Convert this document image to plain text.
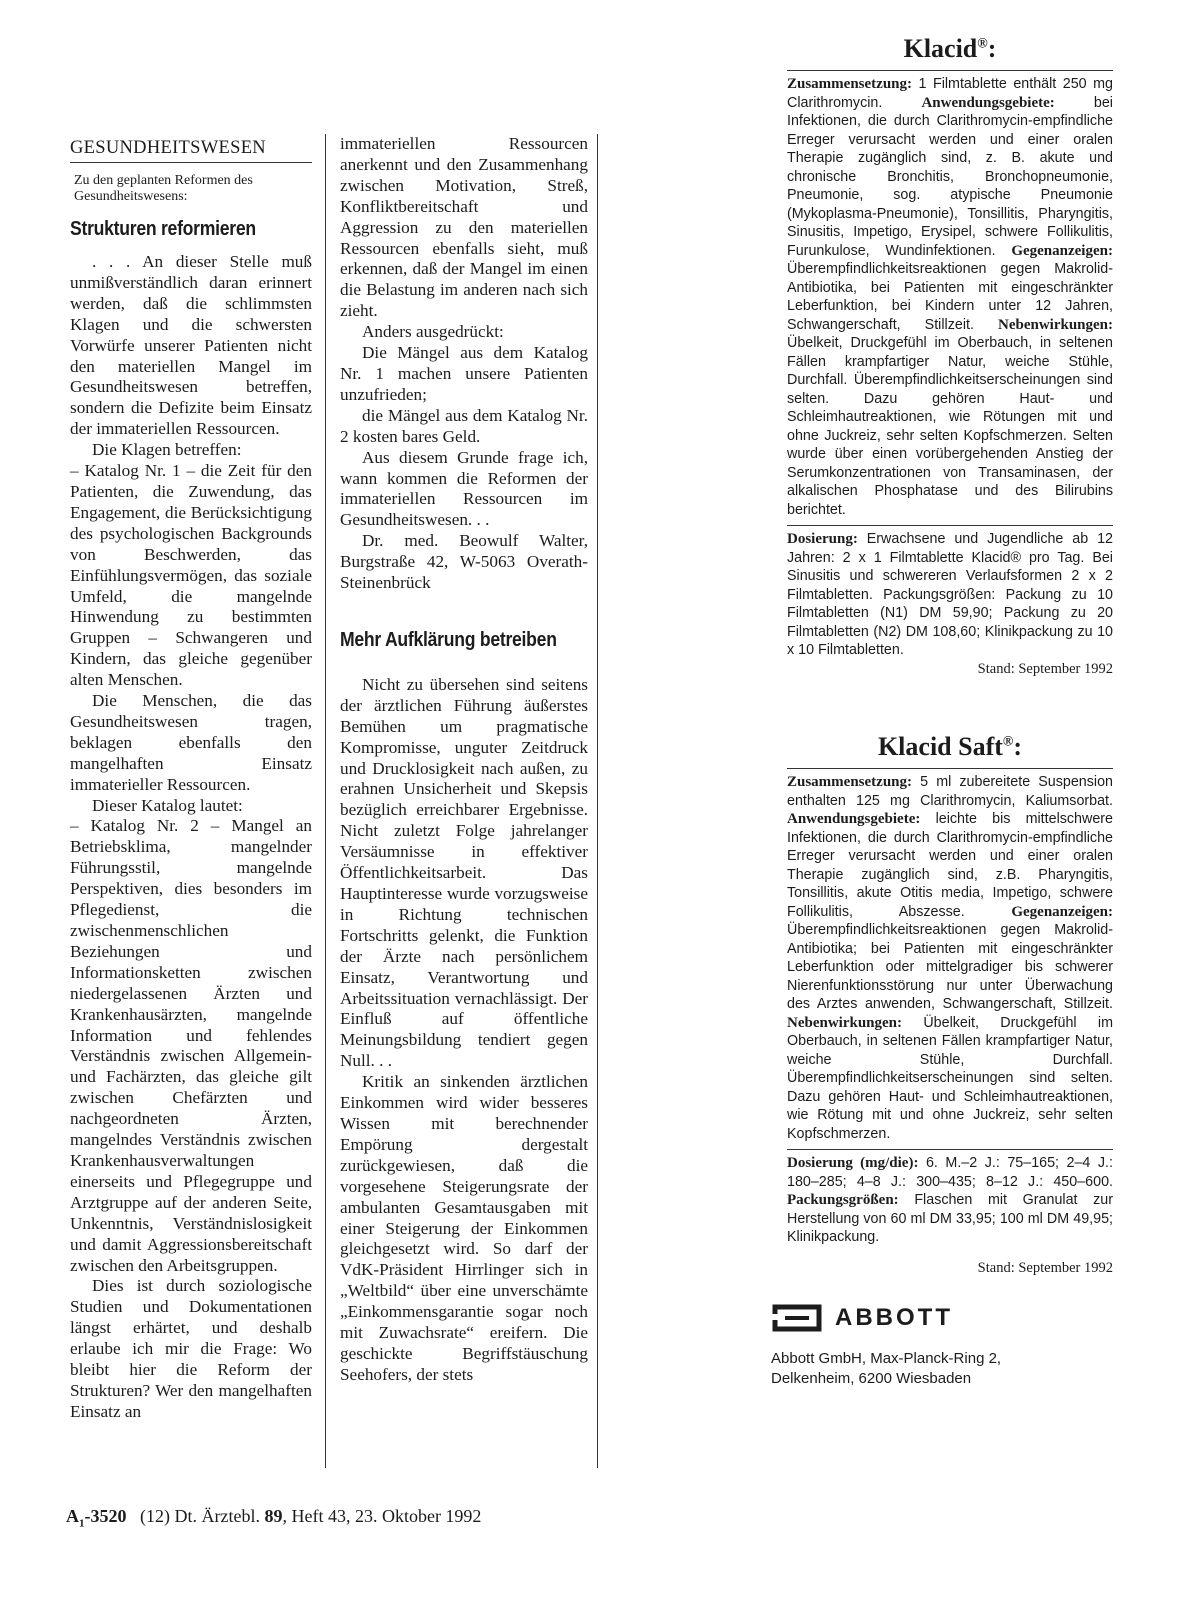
GESUNDHEITSWESEN
Zu den geplanten Reformen des Gesundheitswesens:
Strukturen reformieren

. . . An dieser Stelle muß unmißverständlich daran erinnert werden, daß die schlimmsten Klagen und die schwersten Vorwürfe unserer Patienten nicht den materiellen Mangel im Gesundheitswesen betreffen, sondern die Defizite beim Einsatz der immateriellen Ressourcen.

Die Klagen betreffen:

– Katalog Nr. 1 – die Zeit für den Patienten, die Zuwendung, das Engagement, die Berücksichtigung des psychologischen Backgrounds von Beschwerden, das Einfühlungsvermögen, das soziale Umfeld, die mangelnde Hinwendung zu bestimmten Gruppen – Schwangeren und Kindern, das gleiche gegenüber alten Menschen.

Die Menschen, die das Gesundheitswesen tragen, beklagen ebenfalls den mangelhaften Einsatz immaterieller Ressourcen.

Dieser Katalog lautet:

– Katalog Nr. 2 – Mangel an Betriebsklima, mangelnder Führungsstil, mangelnde Perspektiven, dies besonders im Pflegedienst, die zwischenmenschlichen Beziehungen und Informationsketten zwischen niedergelassenen Ärzten und Krankenhausärzten, mangelnde Information und fehlendes Verständnis zwischen Allgemein- und Fachärzten, das gleiche gilt zwischen Chefärzten und nachgeordneten Ärzten, mangelndes Verständnis zwischen Krankenhausverwaltungen einerseits und Pflegegruppe und Arztgruppe auf der anderen Seite, Unkenntnis, Verständnislosigkeit und damit Aggressionsbereitschaft zwischen den Arbeitsgruppen.

Dies ist durch soziologische Studien und Dokumentationen längst erhärtet, und deshalb erlaube ich mir die Frage: Wo bleibt hier die Reform der Strukturen? Wer den mangelhaften Einsatz an

immateriellen Ressourcen anerkennt und den Zusammenhang zwischen Motivation, Streß, Konfliktbereitschaft und Aggression zu den materiellen Ressourcen ebenfalls sieht, muß erkennen, daß der Mangel im einen die Belastung im anderen nach sich zieht.

Anders ausgedrückt:

Die Mängel aus dem Katalog Nr. 1 machen unsere Patienten unzufrieden;

die Mängel aus dem Katalog Nr. 2 kosten bares Geld.

Aus diesem Grunde frage ich, wann kommen die Reformen der immateriellen Ressourcen im Gesundheitswesen. . .

Dr. med. Beowulf Walter, Burgstraße 42, W-5063 Overath-Steinenbrück

Mehr Aufklärung betreiben

Nicht zu übersehen sind seitens der ärztlichen Führung äußerstes Bemühen um pragmatische Kompromisse, unguter Zeitdruck und Drucklosigkeit nach außen, zu erahnen Unsicherheit und Skepsis bezüglich erreichbarer Ergebnisse. Nicht zuletzt Folge jahrelanger Versäumnisse in effektiver Öffentlichkeitsarbeit. Das Hauptinteresse wurde vorzugsweise in Richtung technischen Fortschritts gelenkt, die Funktion der Ärzte nach persönlichem Einsatz, Verantwortung und Arbeitssituation vernachlässigt. Der Einfluß auf öffentliche Meinungsbildung tendiert gegen Null. . .

Kritik an sinkenden ärztlichen Einkommen wird wider besseres Wissen mit berechnender Empörung dergestalt zurückgewiesen, daß die vorgesehene Steigerungsrate der ambulanten Gesamtausgaben mit einer Steigerung der Einkommen gleichgesetzt wird. So darf der VdK-Präsident Hirrlinger sich in „Weltbild“ über eine unverschämte „Einkommensgarantie sogar noch mit Zuwachsrate“ ereifern. Die geschickte Begriffstäuschung Seehofers, der stets

Klacid®:
Zusammensetzung: 1 Filmtablette enthält 250 mg Clarithromycin.	Anwendungsgebiete:	bei Infektionen, die durch Clarithromycin-empfindliche Erreger verursacht werden und einer oralen Therapie zugänglich sind, z. B. akute und chronische Bronchitis, Bronchopneumonie, Pneumonie, sog. atypische Pneumonie (Mykoplasma-Pneumonie), Tonsillitis, Pharyngitis, Sinusitis, Impetigo, Erysipel, schwere Follikulitis, Furunkulose, Wundinfektionen. Gegenanzeigen: Überempfindlichkeitsreaktionen gegen Makrolid-Antibiotika, bei Patienten mit eingeschränkter Leberfunktion, bei Kindern unter 12 Jahren, Schwangerschaft, Stillzeit. Nebenwirkungen: Übelkeit, Druckgefühl im Oberbauch, in seltenen Fällen krampfartiger Natur, weiche Stühle, Durchfall. Überempfindlichkeitserscheinungen sind selten. Dazu gehören Haut- und Schleimhautreaktionen, wie Rötungen mit und ohne Juckreiz, sehr selten Kopfschmerzen. Selten wurde über einen vorübergehenden Anstieg der Serumkonzentrationen von Transaminasen, der alkalischen Phosphatase und des Bilirubins berichtet.
Dosierung: Erwachsene und Jugendliche ab 12 Jahren: 2 x 1 Filmtablette Klacid® pro Tag. Bei Sinusitis und schwereren Verlaufsformen 2 x 2 Filmtabletten. Packungsgrößen: Packung zu 10 Filmtabletten (N1) DM 59,90; Packung zu 20 Filmtabletten (N2) DM 108,60; Klinikpackung zu 10 x 10 Filmtabletten.
Stand: September 1992
Klacid Saft®:
Zusammensetzung: 5 ml zubereitete Suspension enthalten 125 mg Clarithromycin, Kaliumsorbat. Anwendungsgebiete: leichte bis mittelschwere Infektionen, die durch Clarithromycin-empfindliche Erreger verursacht werden und einer oralen Therapie zugänglich sind, z.B. Pharyngitis, Tonsillitis, akute Otitis media, Impetigo, schwere Follikulitis, Abszesse.	Gegenanzeigen: Überempfindlichkeitsreaktionen gegen Makrolid-Antibiotika; bei Patienten mit eingeschränkter Leberfunktion oder mittelgradiger bis schwerer Nierenfunktionsstörung nur unter Überwachung des Arztes anwenden, Schwangerschaft, Stillzeit. Nebenwirkungen: Übelkeit, Druckgefühl im Oberbauch, in seltenen Fällen krampfartiger Natur, weiche Stühle, Durchfall. Überempfindlichkeitserscheinungen sind selten. Dazu gehören Haut- und Schleimhautreaktionen, wie Rötung mit und ohne Juckreiz, sehr selten Kopfschmerzen.
Dosierung (mg/die): 6. M.–2 J.: 75–165; 2–4 J.: 180–285; 4–8 J.: 300–435; 8–12 J.: 450–600. Packungsgrößen: Flaschen mit Granulat zur Herstellung von 60 ml DM 33,95; 100 ml DM 49,95; Klinikpackung.
Stand: September 1992
ABBOTT
Abbott GmbH, Max-Planck-Ring 2,
Delkenheim, 6200 Wiesbaden
$A_1-3520$ (12) Dt. Ärztebl. 89, Heft 43, 23. Oktober 1992
